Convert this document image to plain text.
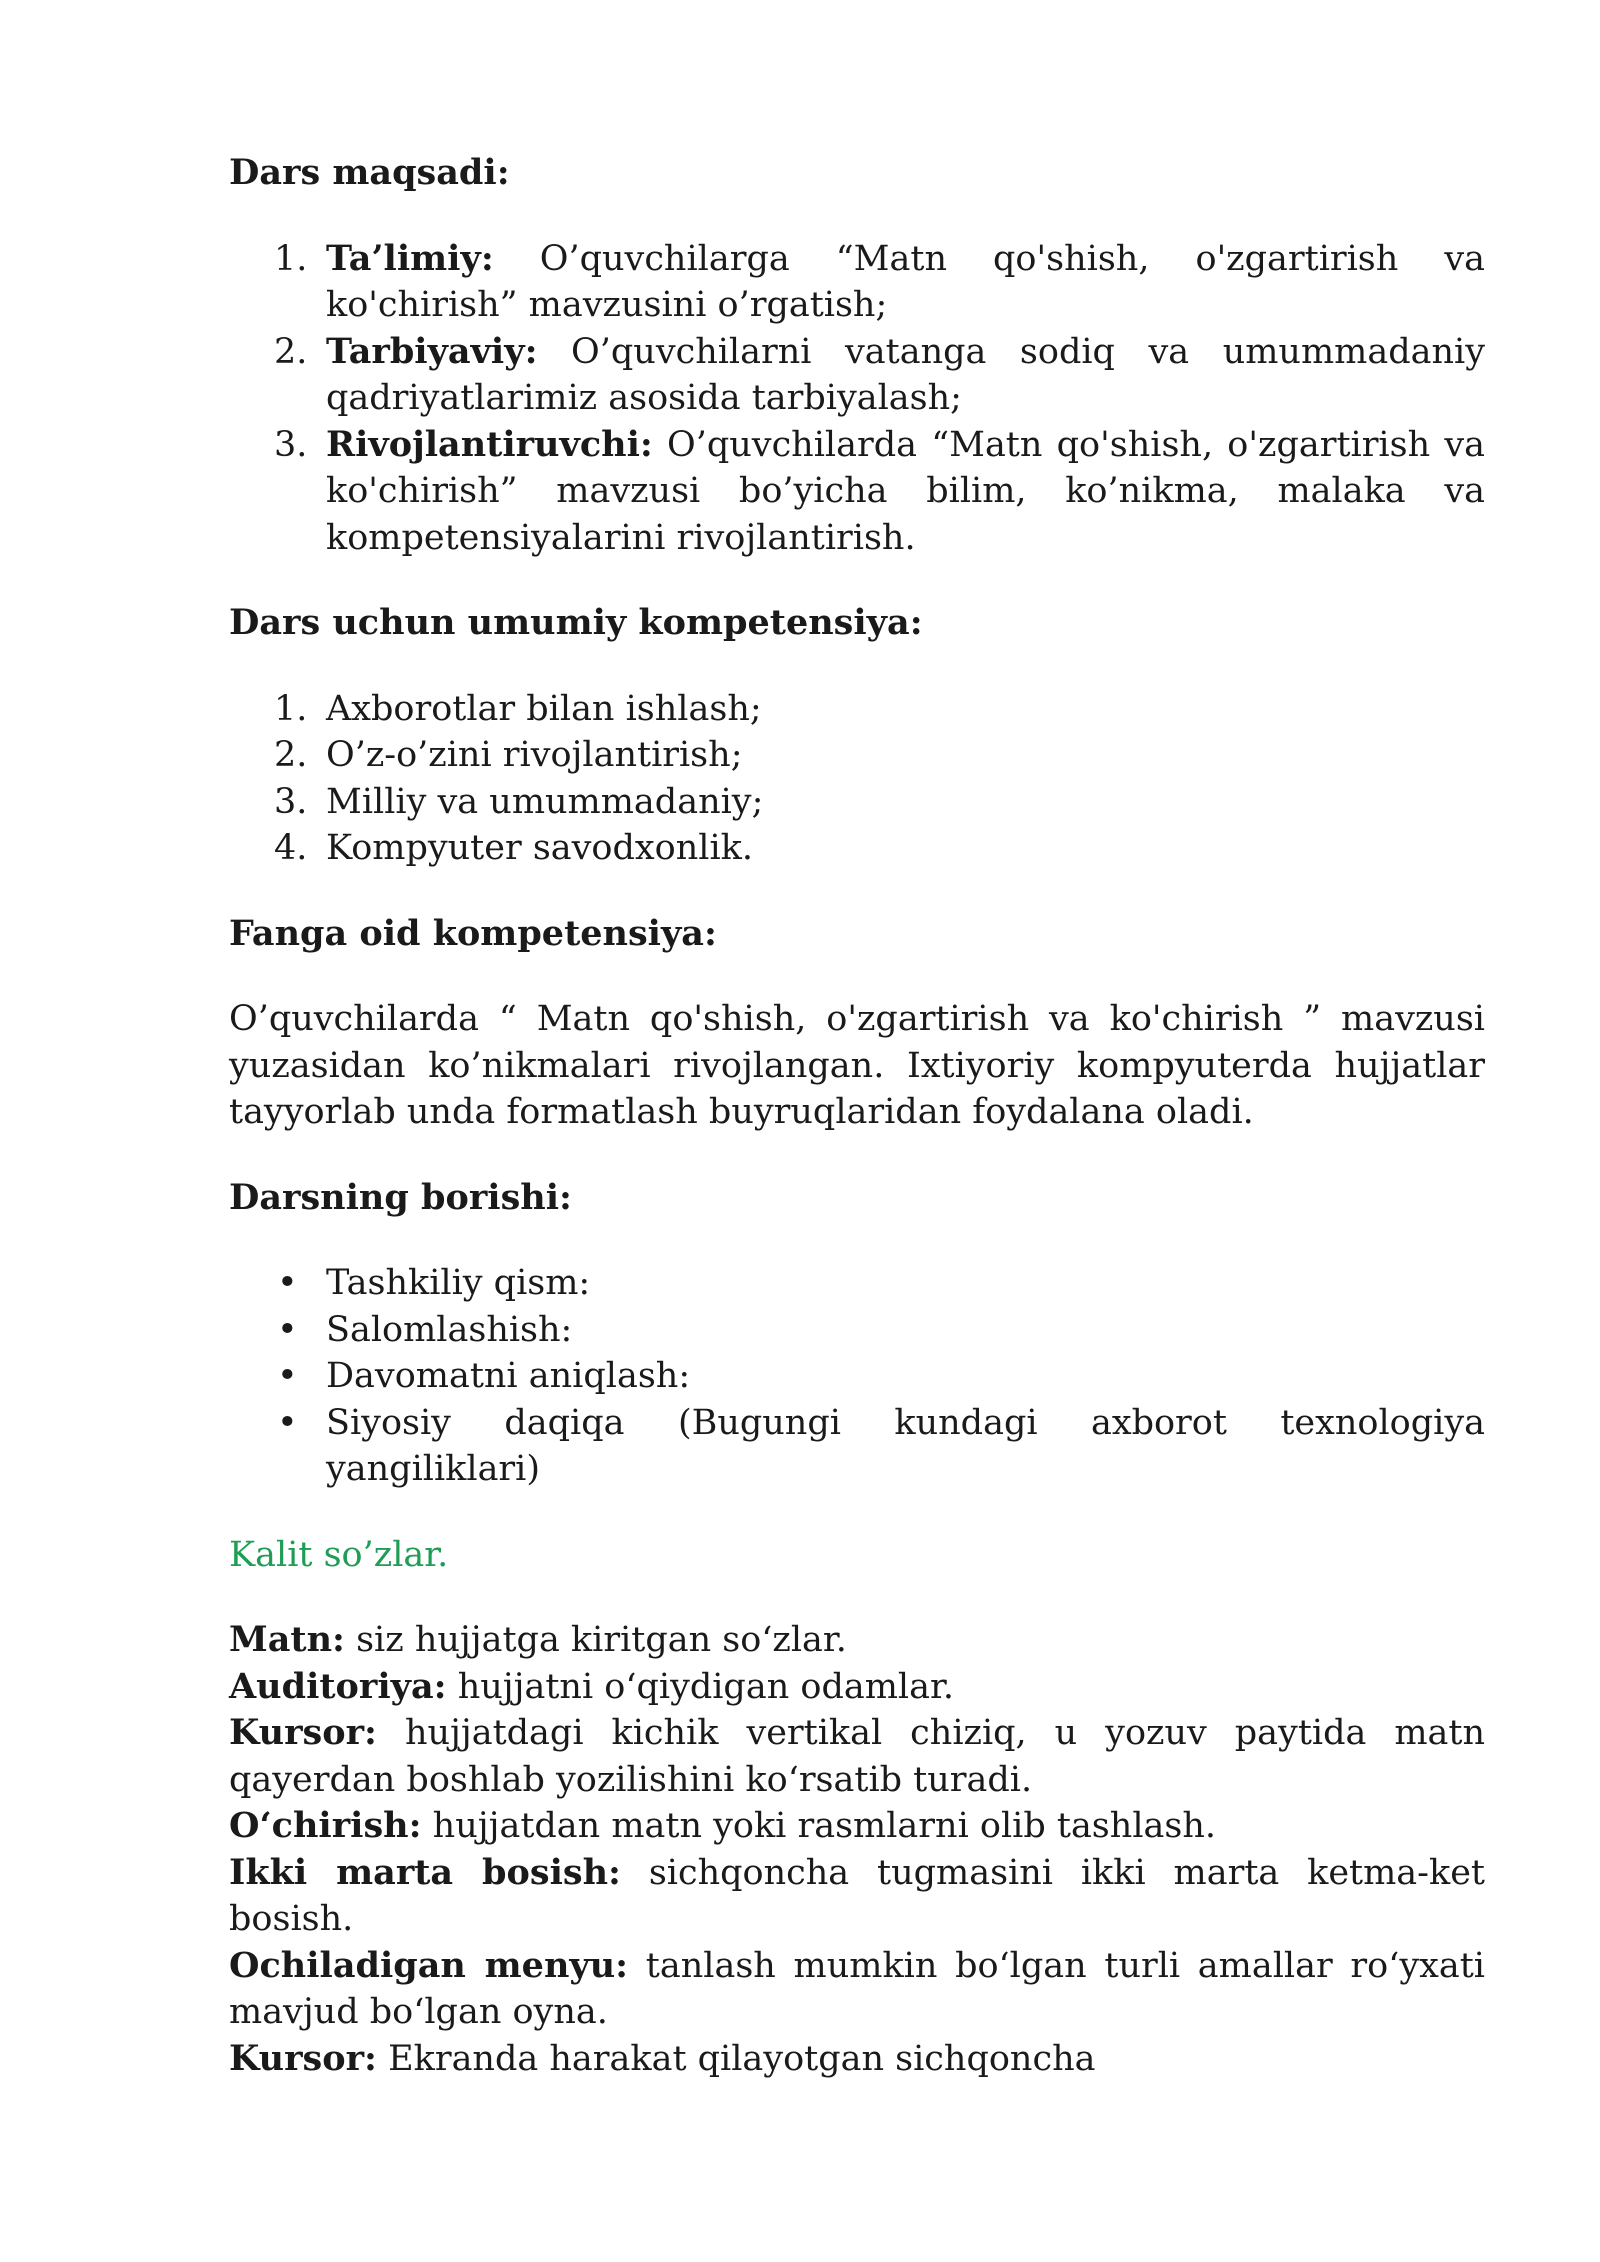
Dars maqsadi:
1. Ta’limiy: O’quvchilarga “Matn qo'shish, o'zgartirish va ko'chirish” mavzusini o’rgatish;
2. Tarbiyaviy: O’quvchilarni vatanga sodiq va umummadaniy qadriyatlarimiz asosida tarbiyalash;
3. Rivojlantiruvchi: O’quvchilarda “Matn qo'shish, o'zgartirish va ko'chirish” mavzusi bo’yicha bilim, ko’nikma, malaka va kompetensiyalarini rivojlantirish.
Dars uchun umumiy kompetensiya:
1. Axborotlar bilan ishlash;
2. O’z-o’zini rivojlantirish;
3. Milliy va umummadaniy;
4. Kompyuter savodxonlik.
Fanga oid kompetensiya:

O’quvchilarda “ Matn qo'shish, o'zgartirish va ko'chirish ” mavzusi yuzasidan ko’nikmalari rivojlangan. Ixtiyoriy kompyuterda hujjatlar tayyorlab unda formatlash buyruqlaridan foydalana oladi.

Darsning borishi:
• Tashkiliy qism:
• Salomlashish:
• Davomatni aniqlash:
• Siyosiy daqiqa (Bugungi kundagi axborot texnologiya yangiliklari)

Kalit so’zlar.

Matn: siz hujjatga kiritgan so‘zlar.
Auditoriya: hujjatni o‘qiydigan odamlar.
Kursor: hujjatdagi kichik vertikal chiziq, u yozuv paytida matn qayerdan boshlab yozilishini ko‘rsatib turadi.
O‘chirish: hujjatdan matn yoki rasmlarni olib tashlash.
Ikki marta bosish: sichqoncha tugmasini ikki marta ketma-ket bosish.
Ochiladigan menyu: tanlash mumkin bo‘lgan turli amallar ro‘yxati mavjud bo‘lgan oyna.
Kursor: Ekranda harakat qilayotgan sichqoncha
